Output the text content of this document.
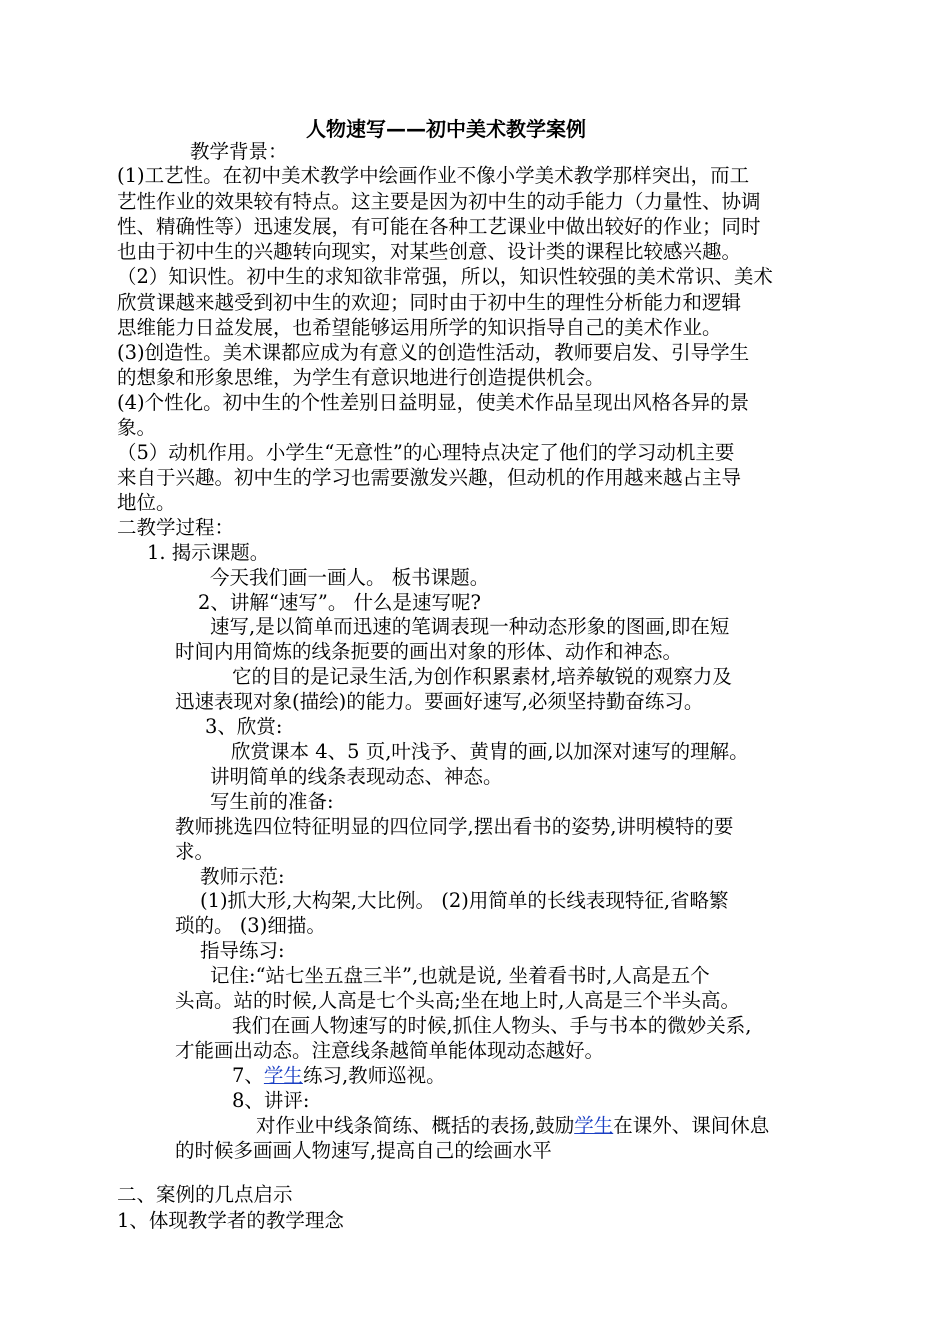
人物速写——初中美术教学案例
教学背景：
(1)工艺性。在初中美术教学中绘画作业不像小学美术教学那样突出，而工
艺性作业的效果较有特点。这主要是因为初中生的动手能力（力量性、协调
性、精确性等）迅速发展，有可能在各种工艺课业中做出较好的作业；同时
也由于初中生的兴趣转向现实，对某些创意、设计类的课程比较感兴趣。
（2）知识性。初中生的求知欲非常强，所以，知识性较强的美术常识、美术
欣赏课越来越受到初中生的欢迎；同时由于初中生的理性分析能力和逻辑
思维能力日益发展，也希望能够运用所学的知识指导自己的美术作业。
(3)创造性。美术课都应成为有意义的创造性活动，教师要启发、引导学生
的想象和形象思维，为学生有意识地进行创造提供机会。
(4)个性化。初中生的个性差别日益明显，使美术作品呈现出风格各异的景
象。
（5）动机作用。小学生“无意性”的心理特点决定了他们的学习动机主要
来自于兴趣。初中生的学习也需要激发兴趣，但动机的作用越来越占主导
地位。
二教学过程：
1. 揭示课题。
今天我们画一画人。 板书课题。
2、讲解“速写”。 什么是速写呢?
速写,是以简单而迅速的笔调表现一种动态形象的图画,即在短
时间内用简炼的线条扼要的画出对象的形体、动作和神态。
它的目的是记录生活,为创作积累素材,培养敏锐的观察力及
迅速表现对象(描绘)的能力。要画好速写,必须坚持勤奋练习。
3、欣赏:
欣赏课本 4、5 页,叶浅予、黄胄的画,以加深对速写的理解。
讲明简单的线条表现动态、神态。
写生前的准备:
教师挑选四位特征明显的四位同学,摆出看书的姿势,讲明模特的要
求。
教师示范:
(1)抓大形,大构架,大比例。 (2)用简单的长线表现特征,省略繁
琐的。 (3)细描。
指导练习:
记住:“站七坐五盘三半”,也就是说, 坐着看书时,人高是五个
头高。站的时候,人高是七个头高;坐在地上时,人高是三个半头高。
我们在画人物速写的时候,抓住人物头、手与书本的微妙关系,
才能画出动态。注意线条越简单能体现动态越好。
7、学生练习,教师巡视。
8、讲评:
对作业中线条简练、概括的表扬,鼓励学生在课外、课间休息
的时候多画画人物速写,提高自己的绘画水平
二、案例的几点启示
1、体现教学者的教学理念
